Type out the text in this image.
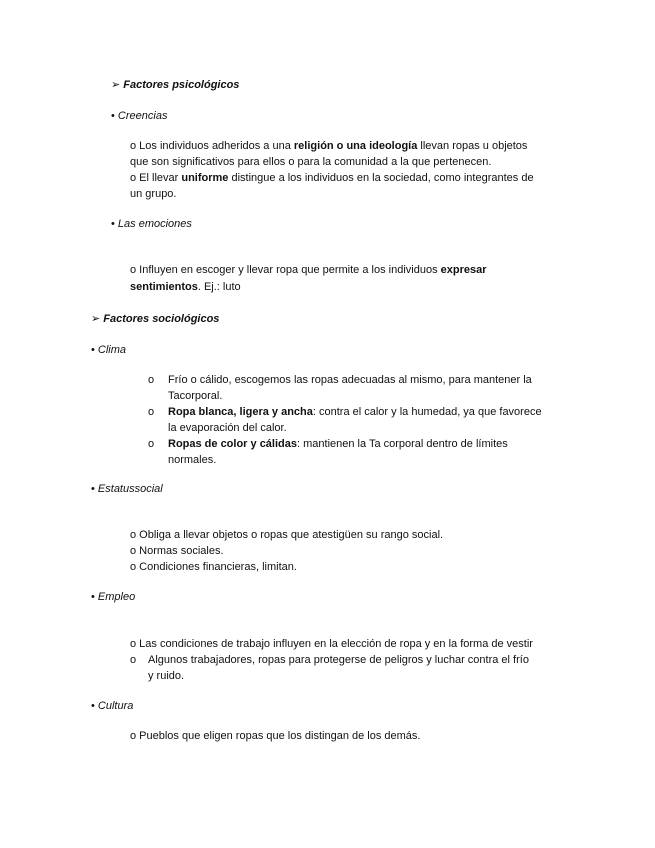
➢ Factores psicológicos
• Creencias
o Los individuos adheridos a una religión o una ideología llevan ropas u objetos
que son significativos para ellos o para la comunidad a la que pertenecen.
o El llevar uniforme distingue a los individuos en la sociedad, como integrantes de
un grupo.
• Las emociones
o Influyen en escoger y llevar ropa que permite a los individuos expresar
sentimientos. Ej.: luto
➢ Factores sociológicos
• Clima
o Frío o cálido, escogemos las ropas adecuadas al mismo, para mantener la
Tacorporal.
o Ropa blanca, ligera y ancha: contra el calor y la humedad, ya que favorece
la evaporación del calor.
o Ropas de color y cálidas: mantienen la Ta corporal dentro de límites
normales.
• Estatussocial
o Obliga a llevar objetos o ropas que atestigüen su rango social.
o Normas sociales.
o Condiciones financieras, limitan.
• Empleo
o Las condiciones de trabajo influyen en la elección de ropa y en la forma de vestir
o Algunos trabajadores, ropas para protegerse de peligros y luchar contra el frío
y ruido.
• Cultura
o Pueblos que eligen ropas que los distingan de los demás.
